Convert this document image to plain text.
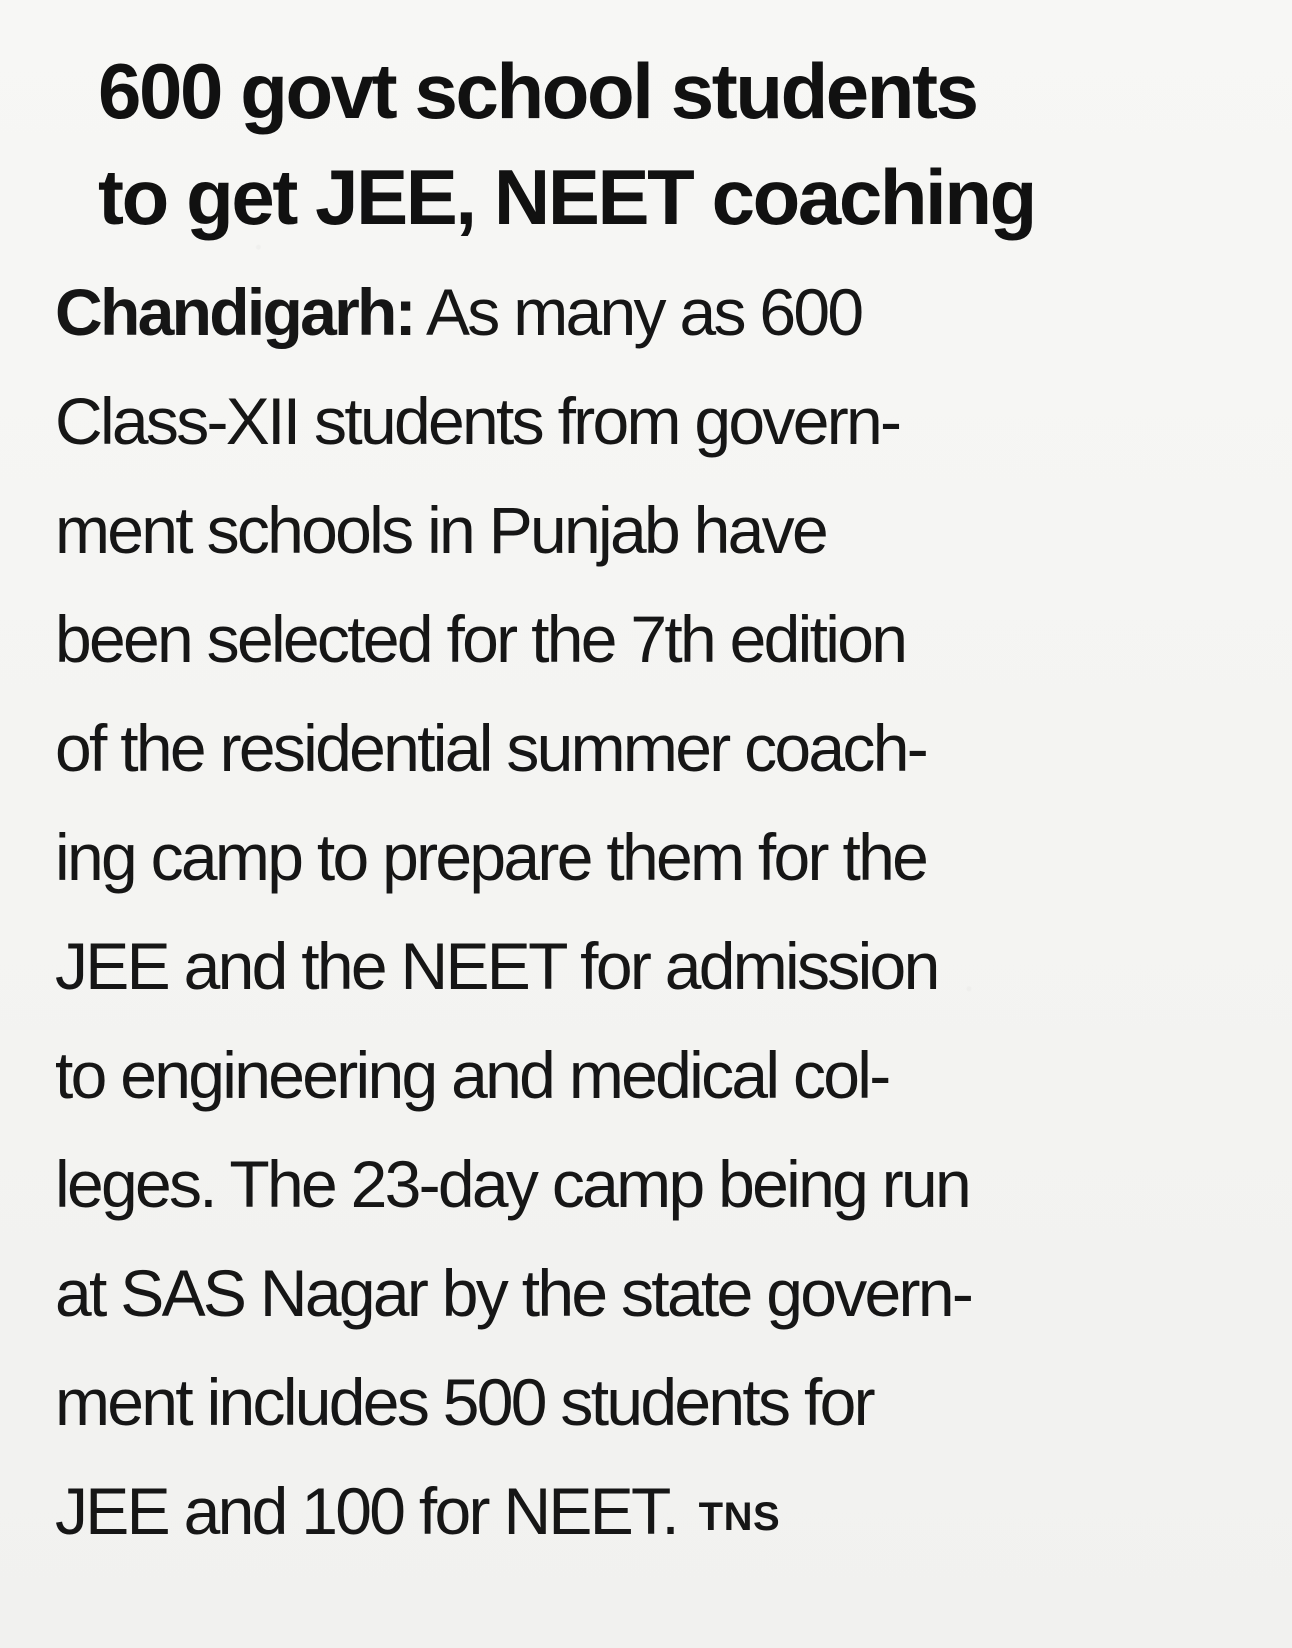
600 govt school students
to get JEE, NEET coaching
Chandigarh: As many as 600
Class-XII students from govern-
ment schools in Punjab have
been selected for the 7th edition
of the residential summer coach-
ing camp to prepare them for the
JEE and the NEET for admission
to engineering and medical col-
leges. The 23-day camp being run
at SAS Nagar by the state govern-
ment includes 500 students for
JEE and 100 for NEET. TNS
